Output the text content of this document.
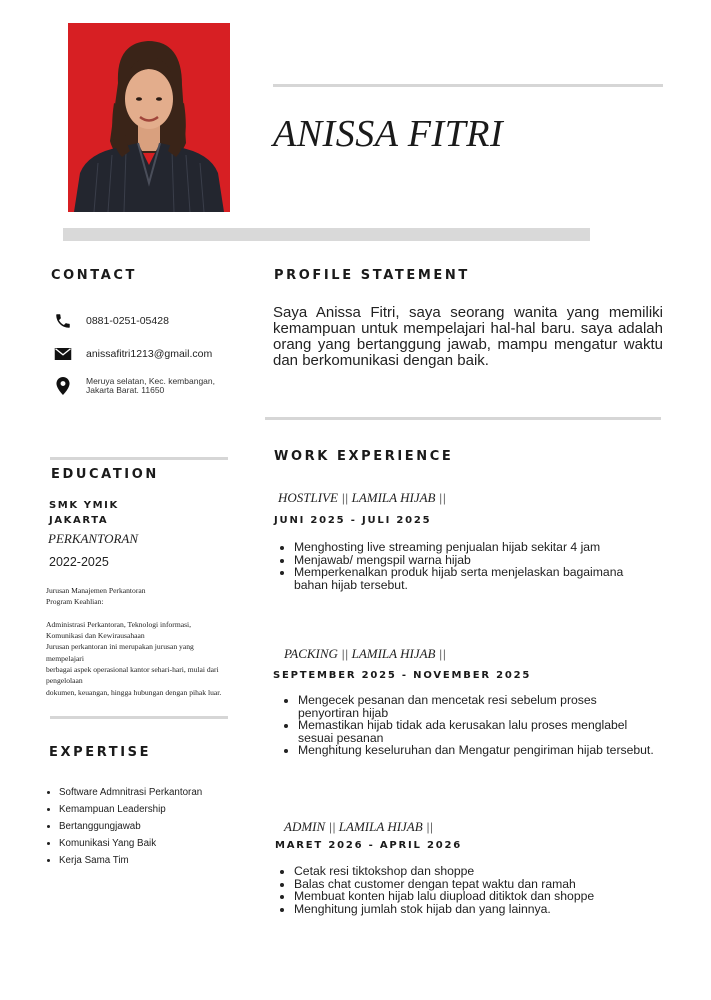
ANISSA FITRI
CONTACT
0881-0251-05428
anissafitri1213@gmail.com
Meruya selatan, Kec. kembangan,
Jakarta Barat. 11650
PROFILE STATEMENT
Saya Anissa Fitri, saya seorang wanita yang memiliki kemampuan untuk mempelajari hal-hal baru. saya adalah orang yang bertanggung jawab, mampu mengatur waktu dan berkomunikasi dengan baik.
EDUCATION
SMK YMIK
JAKARTA
PERKANTORAN
2022-2025
Jurusan Manajemen Perkantoran
Program Keahlian:
Administrasi Perkantoran, Teknologi informasi,
Komunikasi dan Kewirausahaan
Jurusan perkantoran ini merupakan jurusan yang
mempelajari
berbagai aspek operasional kantor sehari-hari, mulai dari
pengelolaan
dokumen, keuangan, hingga hubungan dengan pihak luar.
EXPERTISE
• Software Admnitrasi Perkantoran
• Kemampuan Leadership
• Bertanggungjawab
• Komunikasi Yang Baik
• Kerja Sama Tim
WORK EXPERIENCE
HOSTLIVE || LAMILA HIJAB ||
JUNI 2025 - JULI 2025
• Menghosting live streaming penjualan hijab sekitar 4 jam
• Menjawab/ mengspil warna hijab
• Memperkenalkan produk hijab serta menjelaskan bagaimana bahan hijab tersebut.
PACKING || LAMILA HIJAB ||
SEPTEMBER 2025 - NOVEMBER 2025
• Mengecek pesanan dan mencetak resi sebelum proses penyortiran hijab
• Memastikan hijab tidak ada kerusakan lalu proses menglabel sesuai pesanan
• Menghitung keseluruhan dan Mengatur pengiriman hijab tersebut.
ADMIN || LAMILA HIJAB ||
MARET 2026 - APRIL 2026
• Cetak resi tiktokshop dan shoppe
• Balas chat customer dengan tepat waktu dan ramah
• Membuat konten hijab lalu diupload ditiktok dan shoppe
• Menghitung jumlah stok hijab dan yang lainnya.
